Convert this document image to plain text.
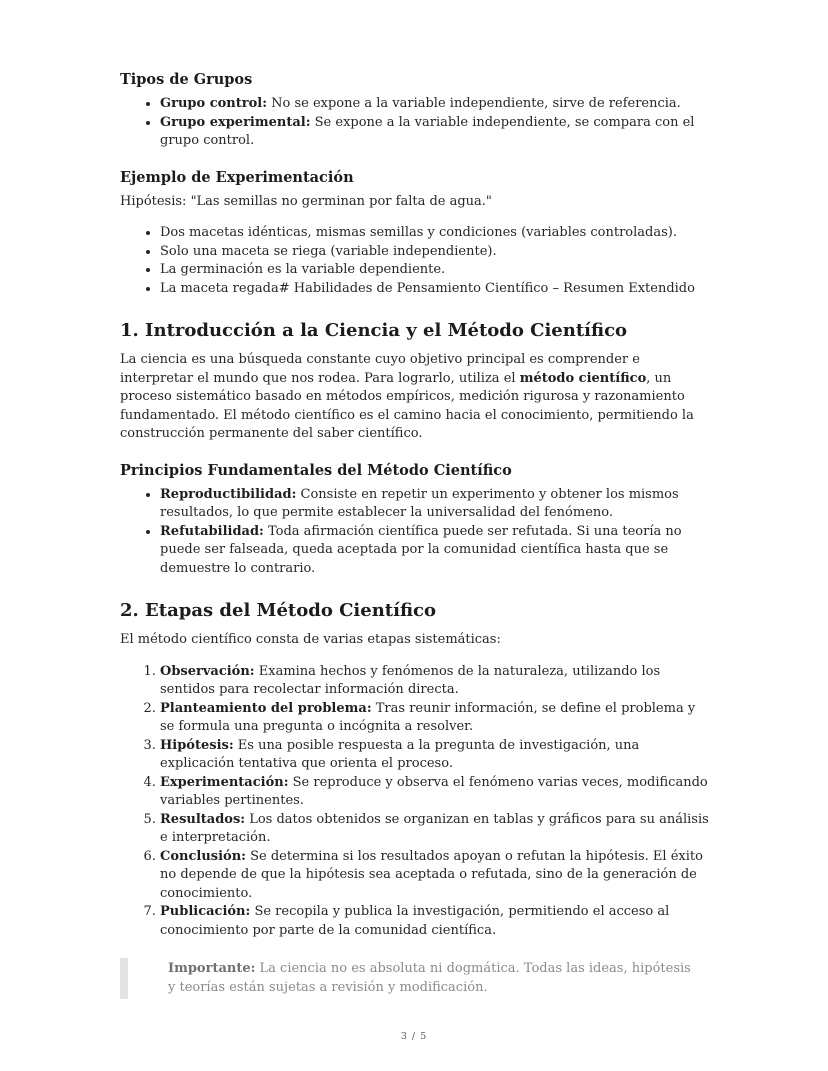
Tipos de Grupos
• Grupo control: No se expone a la variable independiente, sirve de referencia.
• Grupo experimental: Se expone a la variable independiente, se compara con el grupo control.
Ejemplo de Experimentación

Hipótesis: "Las semillas no germinan por falta de agua."

• Dos macetas idénticas, mismas semillas y condiciones (variables controladas).
• Solo una maceta se riega (variable independiente).
• La germinación es la variable dependiente.
• La maceta regada# Habilidades de Pensamiento Científico – Resumen Extendido
1. Introducción a la Ciencia y el Método Científico

La ciencia es una búsqueda constante cuyo objetivo principal es comprender e interpretar el mundo que nos rodea. Para lograrlo, utiliza el método científico, un proceso sistemático basado en métodos empíricos, medición rigurosa y razonamiento fundamentado. El método científico es el camino hacia el conocimiento, permitiendo la construcción permanente del saber científico.

Principios Fundamentales del Método Científico
• Reproductibilidad: Consiste en repetir un experimento y obtener los mismos resultados, lo que permite establecer la universalidad del fenómeno.
• Refutabilidad: Toda afirmación científica puede ser refutada. Si una teoría no puede ser falseada, queda aceptada por la comunidad científica hasta que se demuestre lo contrario.
2. Etapas del Método Científico

El método científico consta de varias etapas sistemáticas:

1. Observación: Examina hechos y fenómenos de la naturaleza, utilizando los sentidos para recolectar información directa.
2. Planteamiento del problema: Tras reunir información, se define el problema y se formula una pregunta o incógnita a resolver.
3. Hipótesis: Es una posible respuesta a la pregunta de investigación, una explicación tentativa que orienta el proceso.
4. Experimentación: Se reproduce y observa el fenómeno varias veces, modificando variables pertinentes.
5. Resultados: Los datos obtenidos se organizan en tablas y gráficos para su análisis e interpretación.
6. Conclusión: Se determina si los resultados apoyan o refutan la hipótesis. El éxito no depende de que la hipótesis sea aceptada o refutada, sino de la generación de conocimiento.
7. Publicación: Se recopila y publica la investigación, permitiendo el acceso al conocimiento por parte de la comunidad científica.

Importante: La ciencia no es absoluta ni dogmática. Todas las ideas, hipótesis y teorías están sujetas a revisión y modificación.

3 / 5
